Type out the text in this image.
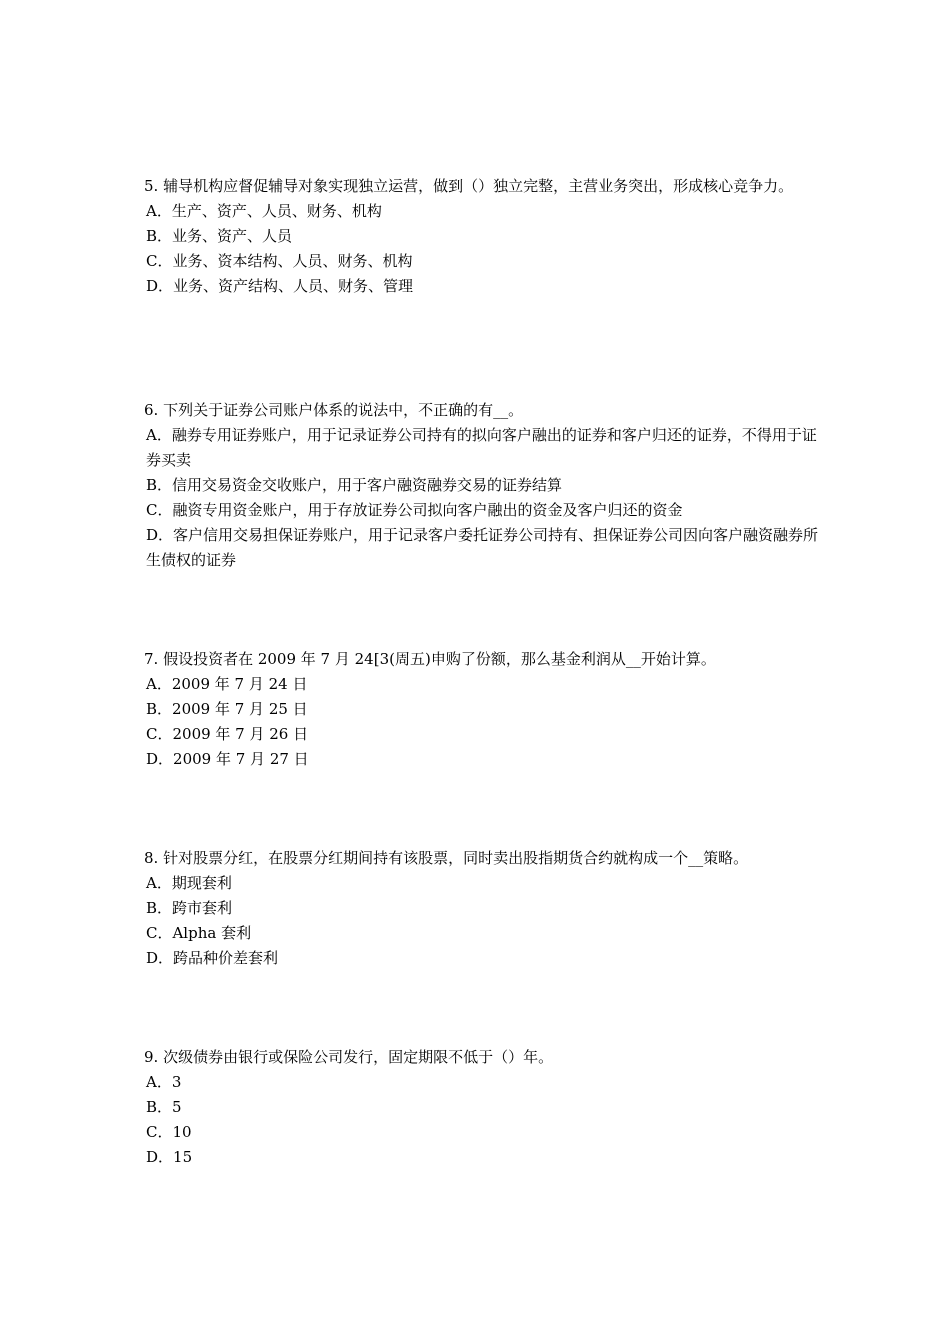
5. 辅导机构应督促辅导对象实现独立运营，做到（）独立完整，主营业务突出，形成核心竞争力。

A．生产、资产、人员、财务、机构
B．业务、资产、人员
C．业务、资本结构、人员、财务、机构
D．业务、资产结构、人员、财务、管理

6. 下列关于证券公司账户体系的说法中，不正确的有__。

A．融券专用证券账户，用于记录证券公司持有的拟向客户融出的证券和客户归还的证券，不得用于证券买卖
B．信用交易资金交收账户，用于客户融资融券交易的证券结算
C．融资专用资金账户，用于存放证券公司拟向客户融出的资金及客户归还的资金
D．客户信用交易担保证券账户，用于记录客户委托证券公司持有、担保证券公司因向客户融资融券所生债权的证券

7. 假设投资者在 2009 年 7 月 24[3(周五)申购了份额，那么基金利润从__开始计算。

A．2009 年 7 月 24 日
B．2009 年 7 月 25 日
C．2009 年 7 月 26 日
D．2009 年 7 月 27 日

8. 针对股票分红，在股票分红期间持有该股票，同时卖出股指期货合约就构成一个__策略。

A．期现套利
B．跨市套利
C．Alpha 套利
D．跨品种价差套利

9. 次级债券由银行或保险公司发行，固定期限不低于（）年。

A．3
B．5
C．10
D．15
